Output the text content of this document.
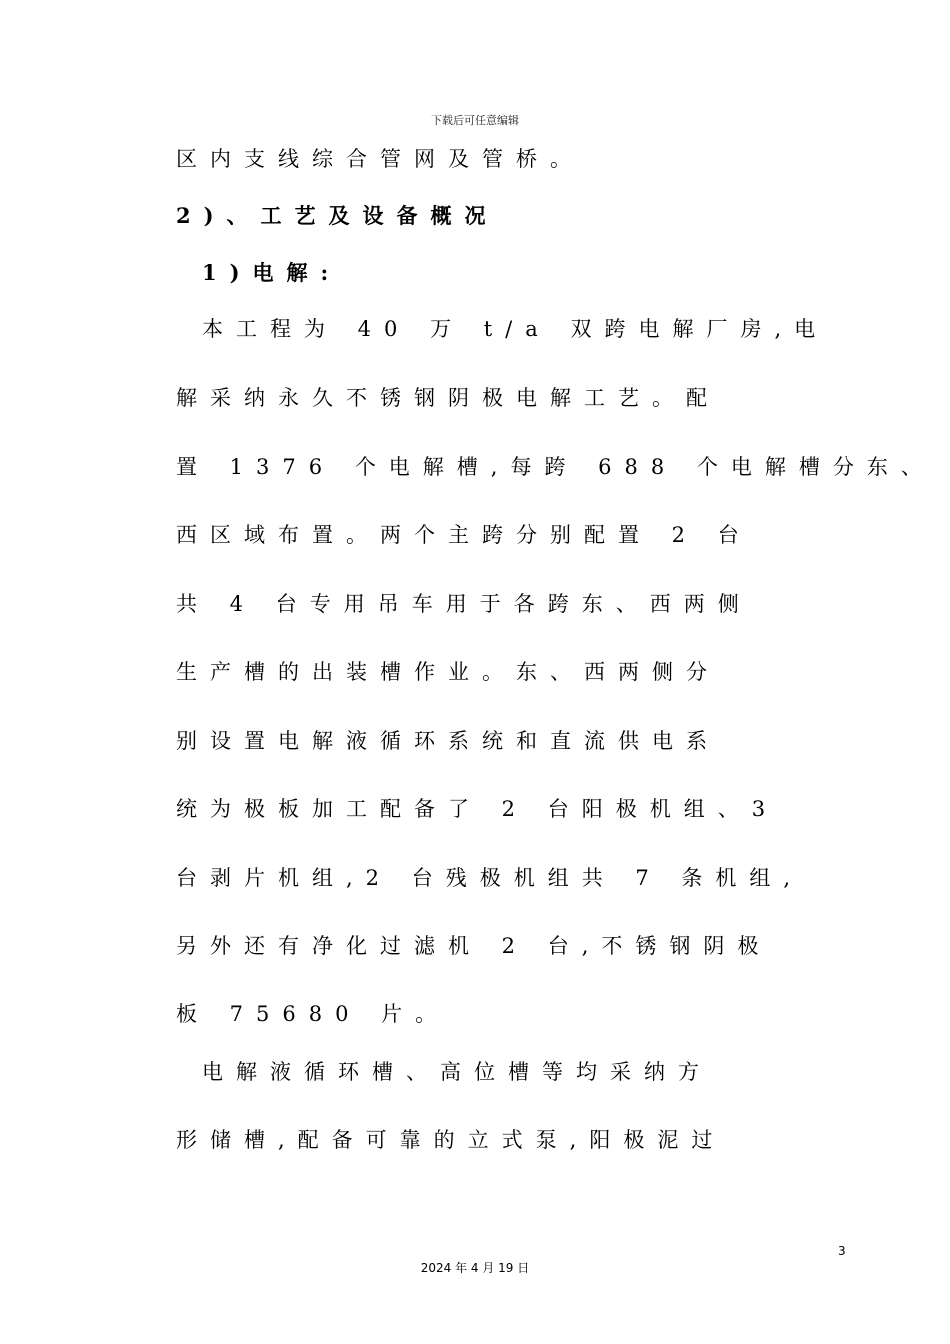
下载后可任意编辑
区内支线综合管网及管桥。
2)、工艺及设备概况
1)电解:
本工程为 40 万 t/a 双跨电解厂房,电
解采纳永久不锈钢阴极电解工艺。配
置 1376 个电解槽,每跨 688 个电解槽分东、
西区域布置。两个主跨分别配置 2 台
共 4 台专用吊车用于各跨东、西两侧
生产槽的出装槽作业。东、西两侧分
别设置电解液循环系统和直流供电系
统为极板加工配备了 2 台阳极机组、3
台剥片机组,2 台残极机组共 7 条机组,
另外还有净化过滤机 2 台,不锈钢阴极
板 75680 片。
电解液循环槽、高位槽等均采纳方
形储槽,配备可靠的立式泵,阳极泥过
3
2024 年 4 月 19 日
